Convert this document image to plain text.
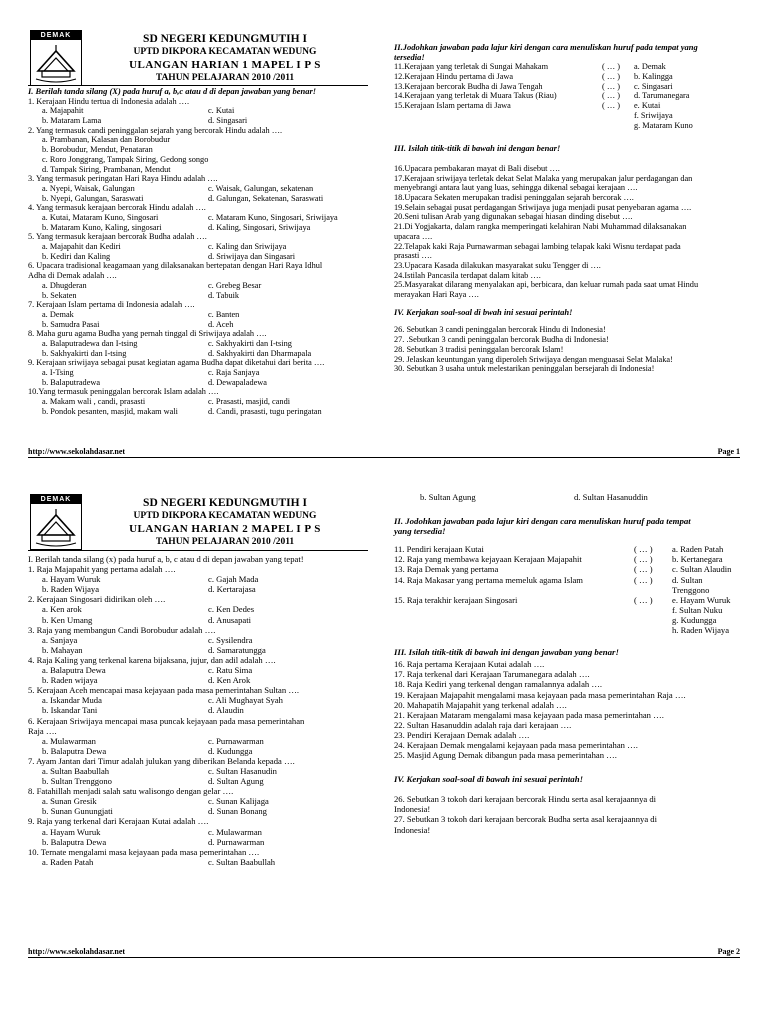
DEMAK	SD NEGERI KEDUNGMUTIH I
UPTD DIKPORA KECAMATAN WEDUNG
ULANGAN HARIAN 1 MAPEL I P S
TAHUN PELAJARAN 2010 /2011
I. Berilah tanda silang (X) pada huruf a, b,c atau d di depan jawaban yang benar!
1. Kerajaan Hindu tertua di Indonesia adalah ….
a. Majapahit	c. Kutai
b. Mataram Lama	d. Singasari
2. Yang termasuk candi peninggalan sejarah yang bercorak Hindu adalah ….
a. Prambanan, Kalasan dan Borobudur
b. Borobudur, Mendut, Penataran
c. Roro Jonggrang, Tampak Siring, Gedong songo
d. Tampak Siring, Prambanan, Mendut
3. Yang termasuk peringatan Hari Raya Hindu adalah ….
a. Nyepi, Waisak, Galungan	c. Waisak, Galungan, sekatenan
b. Nyepi, Galungan, Saraswati	d. Galungan, Sekatenan, Saraswati
4. Yang termasuk kerajaan bercorak Hindu adalah ….
a. Kutai, Mataram Kuno, Singosari	c. Mataram Kuno, Singosari, Sriwijaya
b. Mataram Kuno, Kaling, singosari	d. Kaling, Singosari, Sriwijaya
5. Yang termasuk kerajaan bercorak Budha adalah ….
a. Majapahit dan Kediri	c. Kaling dan Sriwijaya
b. Kediri dan Kaling	d. Sriwijaya dan Singasari
6. Upacara tradisional keagamaan yang dilaksanakan bertepatan dengan Hari Raya Idhul
Adha di Demak adalah ….
a. Dhugderan	c. Grebeg Besar
b. Sekaten	d. Tabuik
7. Kerajaan Islam pertama di Indonesia adalah ….
a. Demak	c. Banten
b. Samudra Pasai	d. Aceh
8. Maha guru agama Budha yang pernah tinggal di Sriwijaya adalah ….
a. Balaputradewa dan I-tsing	c. Sakhyakirti dan I-tsing
b. Sakhyakirti dan I-tsing	d. Sakhyakirti dan Dharmapala
9. Kerajaan sriwijaya sebagai pusat kegiatan agama Budha dapat diketahui dari berita ….
a. I-Tsing	c. Raja Sanjaya
b. Balaputradewa	d. Dewapaladewa
10.Yang termasuk peninggalan bercorak Islam adalah ….
a. Makam wali , candi, prasasti	c. Prasasti, masjid, candi
b. Pondok pesanten, masjid, makam wali	d. Candi, prasasti, tugu peringatan
II.Jodohkan jawaban pada lajur kiri dengan cara menuliskan huruf pada tempat yang
tersedia!
11.Kerajaan yang terletak di Sungai Mahakam	( … ) a. Demak
12.Kerajaan Hindu pertama di Jawa	( … ) b. Kalingga
13.Kerajaan bercorak Budha di Jawa Tengah	( … ) c. Singasari
14.Kerajaan yang terletak di Muara Takus (Riau)	( … ) d. Tarumanegara
15.Kerajaan Islam pertama di Jawa	( … ) e. Kutai
f. Sriwijaya
g. Mataram Kuno
III. Isilah titik-titik di bawah ini dengan benar!
16.Upacara pembakaran mayat di Bali disebut ….
17.Kerajaan sriwijaya terletak dekat Selat Malaka yang merupakan jalur perdagangan dan
menyebrangi antara laut yang luas, sehingga dikenal sebagai kerajaan ….
18.Upacara Sekaten merupakan tradisi peninggalan sejarah bercorak ….
19.Selain sebagai pusat perdagangan Sriwijaya juga menjadi pusat penyebaran agama ….
20.Seni tulisan Arab yang digunakan sebagai hiasan dinding disebut ….
21.Di Yogjakarta, dalam rangka memperingati kelahiran Nabi Muhammad dilaksanakan
upacara ….
22.Telapak kaki Raja Purnawarman sebagai lambing telapak kaki Wisnu terdapat pada
prasasti ….
23.Upacara Kasada dilakukan masyarakat suku Tengger di ….
24.Istilah Pancasila terdapat dalam kitab ….
25.Masyarakat dilarang menyalakan api, berbicara, dan keluar rumah pada saat umat Hindu
merayakan Hari Raya ….
IV. Kerjakan soal-soal di bwah ini sesuai perintah!
26. Sebutkan 3 candi peninggalan bercorak Hindu di Indonesia!
27. .Sebutkan 3 candi peninggalan bercorak Budha di Indonesia!
28. Sebutkan 3 tradisi peninggalan bercorak Islam!
29. Jelaskan keuntungan yang diperoleh Sriwijaya dengan menguasai Selat Malaka!
30. Sebutkan 3 usaha untuk melestarikan peninggalan bersejarah di Indonesia!
http://www.sekolahdasar.net	Page 1
DEMAK	SD NEGERI KEDUNGMUTIH I
UPTD DIKPORA KECAMATAN WEDUNG
ULANGAN HARIAN 2 MAPEL I P S
TAHUN PELAJARAN 2010 /2011
I. Berilah tanda silang (x) pada huruf a, b, c atau d di depan jawaban yang tepat!
1. Raja Majapahit yang pertama adalah ….
a. Hayam Wuruk	c. Gajah Mada
b. Raden Wijaya	d. Kertarajasa
2. Kerajaan Singosari didirikan oleh ….
a. Ken arok	c. Ken Dedes
b. Ken Umang	d. Anusapati
3. Raja yang membangun Candi Borobudur adalah ….
a. Sanjaya	c. Sysilendra
b. Mahayan	d. Samaratungga
4. Raja Kaling yang terkenal karena bijaksana, jujur, dan adil adalah ….
a. Balaputra Dewa	c. Ratu Sima
b. Raden wijaya	d. Ken Arok
5. Kerajaan Aceh mencapai masa kejayaan pada masa pemerintahan Sultan ….
a. Iskandar Muda	c. Ali Mughayat Syah
b. Iskandar Tani	d. Alaudin
6. Kerajaan Sriwijaya mencapai masa puncak kejayaan pada masa pemerintahan
Raja ….
a. Mulawarman	c. Purnawarman
b. Balaputra Dewa	d. Kudungga
7. Ayam Jantan dari Timur adalah julukan yang diberikan Belanda kepada ….
a. Sultan Baabullah	c. Sultan Hasanudin
b. Sultan Trenggono	d. Sultan Agung
8. Fatahillah menjadi salah satu walisongo dengan gelar ….
a. Sunan Gresik	c. Sunan Kalijaga
b. Sunan Gunungjati	d. Sunan Bonang
9. Raja yang terkenal dari Kerajaan Kutai adalah ….
a. Hayam Wuruk	c. Mulawarman
b. Balaputra Dewa	d. Purnawarman
10. Ternate mengalami masa kejayaan pada masa pemerintahan ….
a. Raden Patah	c. Sultan Baabullah
b. Sultan Agung	d. Sultan Hasanuddin
II. Jodohkan jawaban pada lajur kiri dengan cara menuliskan huruf pada tempat
yang tersedia!
11. Pendiri kerajaan Kutai	( … ) a. Raden Patah
12. Raja yang membawa kejayaan Kerajaan Majapahit	( … ) b. Kertanegara
13. Raja Demak yang pertama	( … ) c. Sultan Alaudin
14. Raja Makasar yang pertama memeluk agama Islam	( … ) d. Sultan
Trenggono
15. Raja terakhir kerajaan Singosari	( … ) e. Hayam Wuruk
f. Sultan Nuku
g. Kudungga
h. Raden Wijaya
III. Isilah titik-titik di bawah ini dengan jawaban yang benar!
16. Raja pertama Kerajaan Kutai adalah ….
17. Raja terkenal dari Kerajaan Tarumanegara adalah ….
18. Raja Kediri yang terkenal dengan ramalannya adalah ….
19. Kerajaan Majapahit mengalami masa kejayaan pada masa pemerintahan Raja ….
20. Mahapatih Majapahit yang terkenal adalah ….
21. Kerajaan Mataram mengalami masa kejayaan pada masa pemerintahan ….
22. Sultan Hasanuddin adalah raja dari kerajaan ….
23. Pendiri Kerajaan Demak adalah ….
24. Kerajaan Demak mengalami kejayaan pada masa pemerintahan ….
25. Masjid Agung Demak dibangun pada masa pemerintahan ….
IV. Kerjakan soal-soal di bawah ini sesuai perintah!
26. Sebutkan 3 tokoh dari kerajaan bercorak Hindu serta asal kerajaannya di
Indonesia!
27. Sebutkan 3 tokoh dari kerajaan bercorak Budha serta asal kerajaannya di
Indonesia!
http://www.sekolahdasar.net	Page 2
